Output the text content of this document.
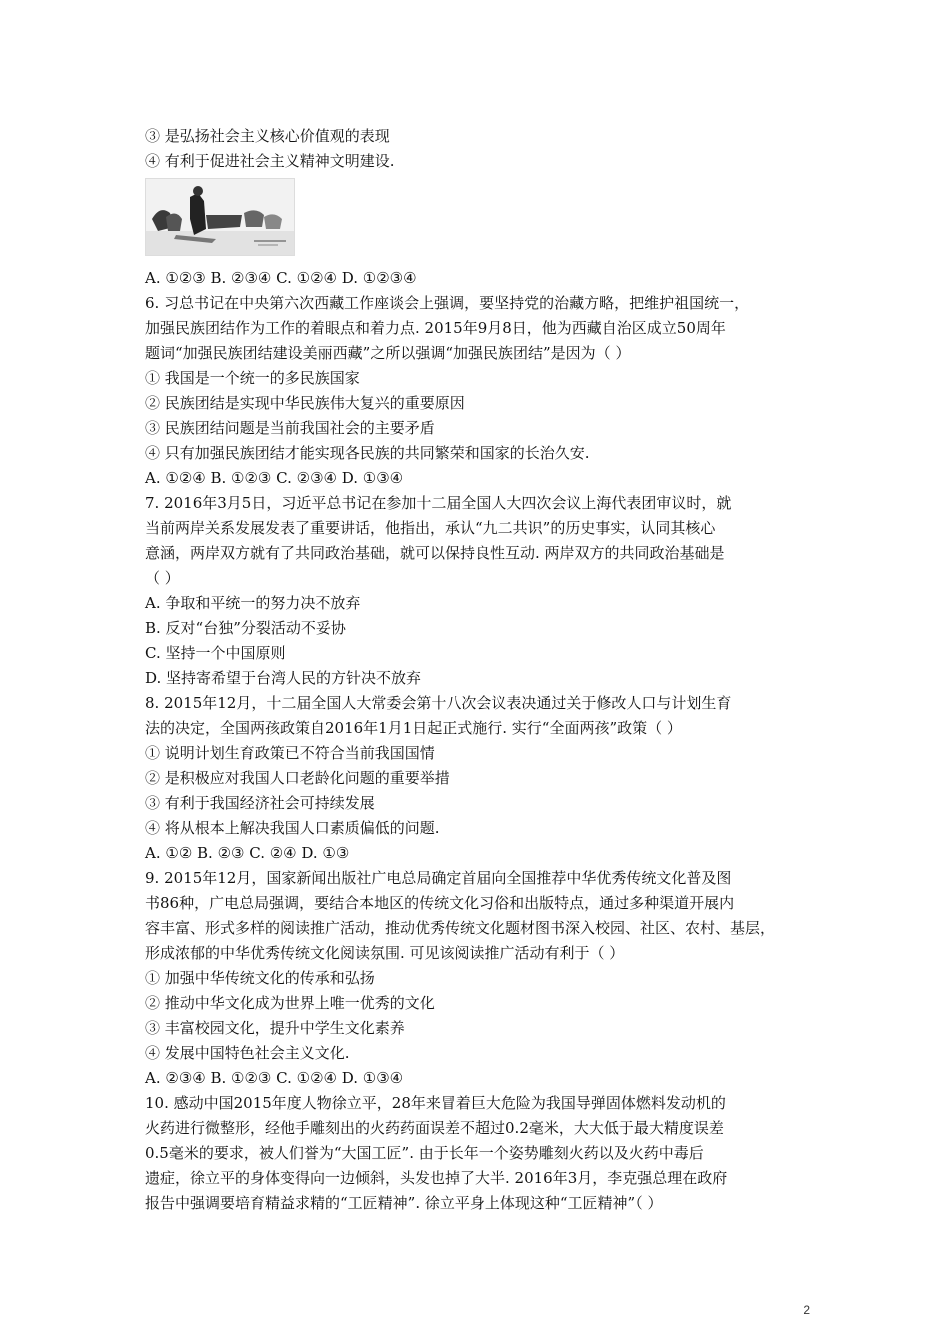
③ 是弘扬社会主义核心价值观的表现
④ 有利于促进社会主义精神文明建设.
A. ①②③ B. ②③④ C. ①②④ D. ①②③④
6. 习总书记在中央第六次西藏工作座谈会上强调，要坚持党的治藏方略，把维护祖国统一，
加强民族团结作为工作的着眼点和着力点. 2015年9月8日，他为西藏自治区成立50周年
题词“加强民族团结建设美丽西藏”之所以强调“加强民族团结”是因为（ ）
① 我国是一个统一的多民族国家
② 民族团结是实现中华民族伟大复兴的重要原因
③ 民族团结问题是当前我国社会的主要矛盾
④ 只有加强民族团结才能实现各民族的共同繁荣和国家的长治久安.
A. ①②④ B. ①②③ C. ②③④ D. ①③④
7. 2016年3月5日，习近平总书记在参加十二届全国人大四次会议上海代表团审议时，就
当前两岸关系发展发表了重要讲话，他指出，承认“九二共识”的历史事实，认同其核心
意涵，两岸双方就有了共同政治基础，就可以保持良性互动. 两岸双方的共同政治基础是
（ ）
A. 争取和平统一的努力决不放弃
B. 反对“台独”分裂活动不妥协
C. 坚持一个中国原则
D. 坚持寄希望于台湾人民的方针决不放弃
8. 2015年12月，十二届全国人大常委会第十八次会议表决通过关于修改人口与计划生育
法的决定，全国两孩政策自2016年1月1日起正式施行. 实行“全面两孩”政策（ ）
① 说明计划生育政策已不符合当前我国国情
② 是积极应对我国人口老龄化问题的重要举措
③ 有利于我国经济社会可持续发展
④ 将从根本上解决我国人口素质偏低的问题.
A. ①② B. ②③ C. ②④ D. ①③
9. 2015年12月，国家新闻出版社广电总局确定首届向全国推荐中华优秀传统文化普及图
书86种，广电总局强调，要结合本地区的传统文化习俗和出版特点，通过多种渠道开展内
容丰富、形式多样的阅读推广活动，推动优秀传统文化题材图书深入校园、社区、农村、基层，
形成浓郁的中华优秀传统文化阅读氛围. 可见该阅读推广活动有利于（ ）
① 加强中华传统文化的传承和弘扬
② 推动中华文化成为世界上唯一优秀的文化
③ 丰富校园文化，提升中学生文化素养
④ 发展中国特色社会主义文化.
A. ②③④ B. ①②③ C. ①②④ D. ①③④
10. 感动中国2015年度人物徐立平，28年来冒着巨大危险为我国导弹固体燃料发动机的
火药进行微整形，经他手雕刻出的火药药面误差不超过0.2毫米，大大低于最大精度误差
0.5毫米的要求，被人们誉为“大国工匠”. 由于长年一个姿势雕刻火药以及火药中毒后
遗症，徐立平的身体变得向一边倾斜，头发也掉了大半. 2016年3月，李克强总理在政府
报告中强调要培育精益求精的“工匠精神”. 徐立平身上体现这种“工匠精神”（ ）
2
